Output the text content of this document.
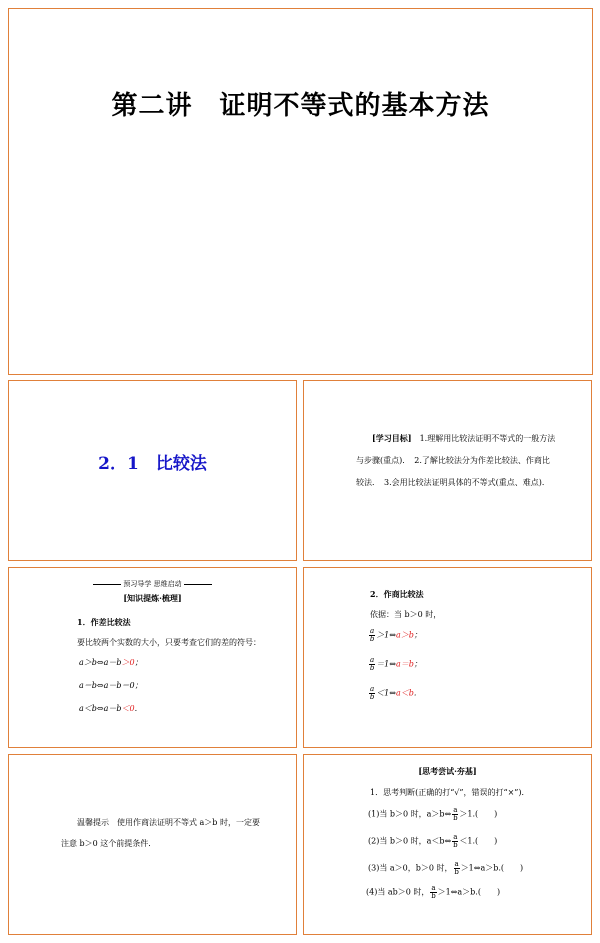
第二讲　证明不等式的基本方法
2．1　比较法
[学习目标]　 1.理解用比较法证明不等式的一般方法
与步骤(重点)．　2.了解比较法分为作差比较法、作商比
较法．　3.会用比较法证明具体的不等式(重点、难点)．
预习导学 思维启动
[知识提炼·梳理]
1．作差比较法
要比较两个实数的大小，只要考查它们的差的符号：
a＞b⇔a－b＞0；
a＝b⇔a－b＝0；
a＜b⇔a－b＜0.
2．作商比较法
依据：当 b＞0 时，
$\frac{a}{b}$ ＞1⇔a＞b；
$\frac{a}{b}$ ＝1⇔a＝b；
$\frac{a}{b}$ ＜1⇔a＜b.
温馨提示　使用作商法证明不等式 a＞b 时，一定要
注意 b＞0 这个前提条件．
[思考尝试·夯基]
1．思考判断(正确的打“√”，错误的打“×”)．
(1)当 b＞0 时，a＞b⇔ $\frac{a}{b} >1$.(　　)
(2)当 b＞0 时，a＜b⇔ $\frac{a}{b} <1$.(　　)
(3)当 a＞0，b＞0 时， $\frac{a}{b}$ ＞1⇔a＞b.(　　)
(4)当 ab＞0 时， $\frac{a}{b}$ ＞1⇔a＞b.(　　)
